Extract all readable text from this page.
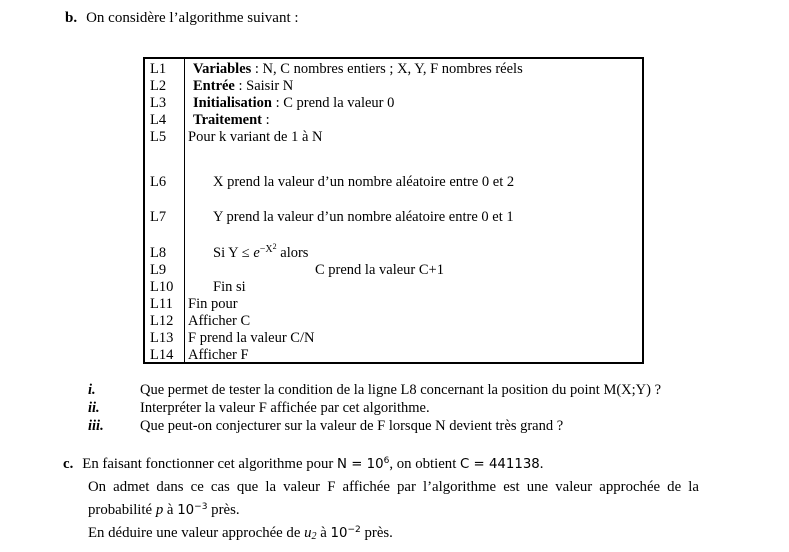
b. On considère l’algorithme suivant :
L1	Variables : N, C nombres entiers ; X, Y, F nombres réels
L2	Entrée : Saisir N
L3	Initialisation : C prend la valeur 0
L4	Traitement :
L5	Pour k variant de 1 à N
L6	X prend la valeur d’un nombre aléatoire entre 0 et 2
L7	Y prend la valeur d’un nombre aléatoire entre 0 et 1
L8	Si $Y \le e^{-X^2}$ alors
L9	C prend la valeur C+1
L10	Fin si
L11	Fin pour
L12	Afficher C
L13	F prend la valeur C/N
L14	Afficher F
i.	Que permet de tester la condition de la ligne L8 concernant la position du point M(X;Y) ?
ii.	Interpréter la valeur F affichée par cet algorithme.
iii.	Que peut-on conjecturer sur la valeur de F lorsque N devient très grand ?
c. En faisant fonctionner cet algorithme pour $N = 10^6$, on obtient C = 441138.
On admet dans ce cas que la valeur F affichée par l’algorithme est une valeur approchée de la
probabilité p à $10^{-3}$ près.
En déduire une valeur approchée de $u_2$ à $10^{-2}$ près.
